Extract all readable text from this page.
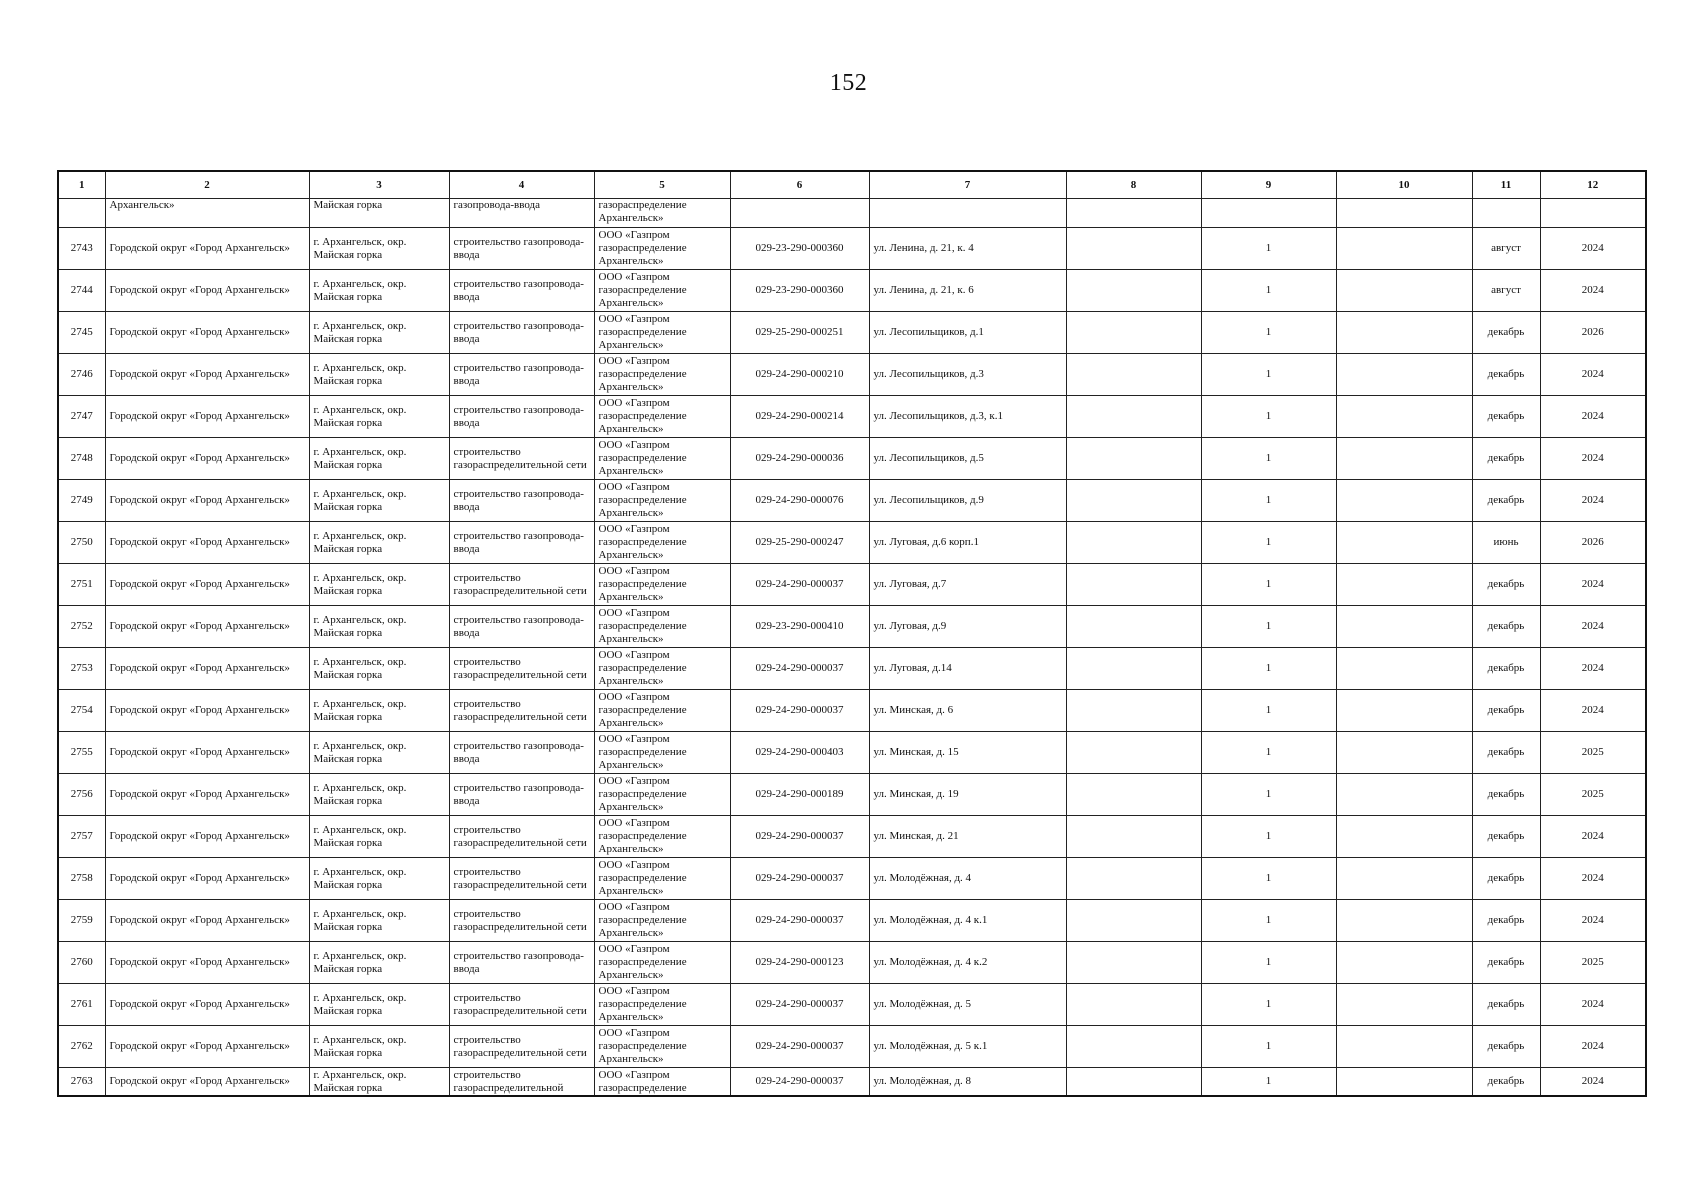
152
1	2	3	4	5	6	7	8	9	10	11	12
	Архангельск»	Майская горка	газопровода-ввода	газораспределение Архангельск»							
2743	Городской округ «Город Архангельск»	г. Архангельск, окр. Майская горка	строительство газопровода-ввода	ООО «Газпром газораспределение Архангельск»	029-23-290-000360	ул. Ленина, д. 21, к. 4		1		август	2024
2744	Городской округ «Город Архангельск»	г. Архангельск, окр. Майская горка	строительство газопровода-ввода	ООО «Газпром газораспределение Архангельск»	029-23-290-000360	ул. Ленина, д. 21, к. 6		1		август	2024
2745	Городской округ «Город Архангельск»	г. Архангельск, окр. Майская горка	строительство газопровода-ввода	ООО «Газпром газораспределение Архангельск»	029-25-290-000251	ул. Лесопильщиков, д.1		1		декабрь	2026
2746	Городской округ «Город Архангельск»	г. Архангельск, окр. Майская горка	строительство газопровода-ввода	ООО «Газпром газораспределение Архангельск»	029-24-290-000210	ул. Лесопильщиков, д.3		1		декабрь	2024
2747	Городской округ «Город Архангельск»	г. Архангельск, окр. Майская горка	строительство газопровода-ввода	ООО «Газпром газораспределение Архангельск»	029-24-290-000214	ул. Лесопильщиков, д.3, к.1		1		декабрь	2024
2748	Городской округ «Город Архангельск»	г. Архангельск, окр. Майская горка	строительство газораспределительной сети	ООО «Газпром газораспределение Архангельск»	029-24-290-000036	ул. Лесопильщиков, д.5		1		декабрь	2024
2749	Городской округ «Город Архангельск»	г. Архангельск, окр. Майская горка	строительство газопровода-ввода	ООО «Газпром газораспределение Архангельск»	029-24-290-000076	ул. Лесопильщиков, д.9		1		декабрь	2024
2750	Городской округ «Город Архангельск»	г. Архангельск, окр. Майская горка	строительство газопровода-ввода	ООО «Газпром газораспределение Архангельск»	029-25-290-000247	ул. Луговая, д.6 корп.1		1		июнь	2026
2751	Городской округ «Город Архангельск»	г. Архангельск, окр. Майская горка	строительство газораспределительной сети	ООО «Газпром газораспределение Архангельск»	029-24-290-000037	ул. Луговая, д.7		1		декабрь	2024
2752	Городской округ «Город Архангельск»	г. Архангельск, окр. Майская горка	строительство газопровода-ввода	ООО «Газпром газораспределение Архангельск»	029-23-290-000410	ул. Луговая, д.9		1		декабрь	2024
2753	Городской округ «Город Архангельск»	г. Архангельск, окр. Майская горка	строительство газораспределительной сети	ООО «Газпром газораспределение Архангельск»	029-24-290-000037	ул. Луговая, д.14		1		декабрь	2024
2754	Городской округ «Город Архангельск»	г. Архангельск, окр. Майская горка	строительство газораспределительной сети	ООО «Газпром газораспределение Архангельск»	029-24-290-000037	ул. Минская, д. 6		1		декабрь	2024
2755	Городской округ «Город Архангельск»	г. Архангельск, окр. Майская горка	строительство газопровода-ввода	ООО «Газпром газораспределение Архангельск»	029-24-290-000403	ул. Минская, д. 15		1		декабрь	2025
2756	Городской округ «Город Архангельск»	г. Архангельск, окр. Майская горка	строительство газопровода-ввода	ООО «Газпром газораспределение Архангельск»	029-24-290-000189	ул. Минская, д. 19		1		декабрь	2025
2757	Городской округ «Город Архангельск»	г. Архангельск, окр. Майская горка	строительство газораспределительной сети	ООО «Газпром газораспределение Архангельск»	029-24-290-000037	ул. Минская, д. 21		1		декабрь	2024
2758	Городской округ «Город Архангельск»	г. Архангельск, окр. Майская горка	строительство газораспределительной сети	ООО «Газпром газораспределение Архангельск»	029-24-290-000037	ул. Молодёжная, д. 4		1		декабрь	2024
2759	Городской округ «Город Архангельск»	г. Архангельск, окр. Майская горка	строительство газораспределительной сети	ООО «Газпром газораспределение Архангельск»	029-24-290-000037	ул. Молодёжная, д. 4 к.1		1		декабрь	2024
2760	Городской округ «Город Архангельск»	г. Архангельск, окр. Майская горка	строительство газопровода-ввода	ООО «Газпром газораспределение Архангельск»	029-24-290-000123	ул. Молодёжная, д. 4 к.2		1		декабрь	2025
2761	Городской округ «Город Архангельск»	г. Архангельск, окр. Майская горка	строительство газораспределительной сети	ООО «Газпром газораспределение Архангельск»	029-24-290-000037	ул. Молодёжная, д. 5		1		декабрь	2024
2762	Городской округ «Город Архангельск»	г. Архангельск, окр. Майская горка	строительство газораспределительной сети	ООО «Газпром газораспределение Архангельск»	029-24-290-000037	ул. Молодёжная, д. 5 к.1		1		декабрь	2024
2763	Городской округ «Город Архангельск»	г. Архангельск, окр. Майская горка	строительство газораспределительной	ООО «Газпром газораспределение	029-24-290-000037	ул. Молодёжная, д. 8		1		декабрь	2024
